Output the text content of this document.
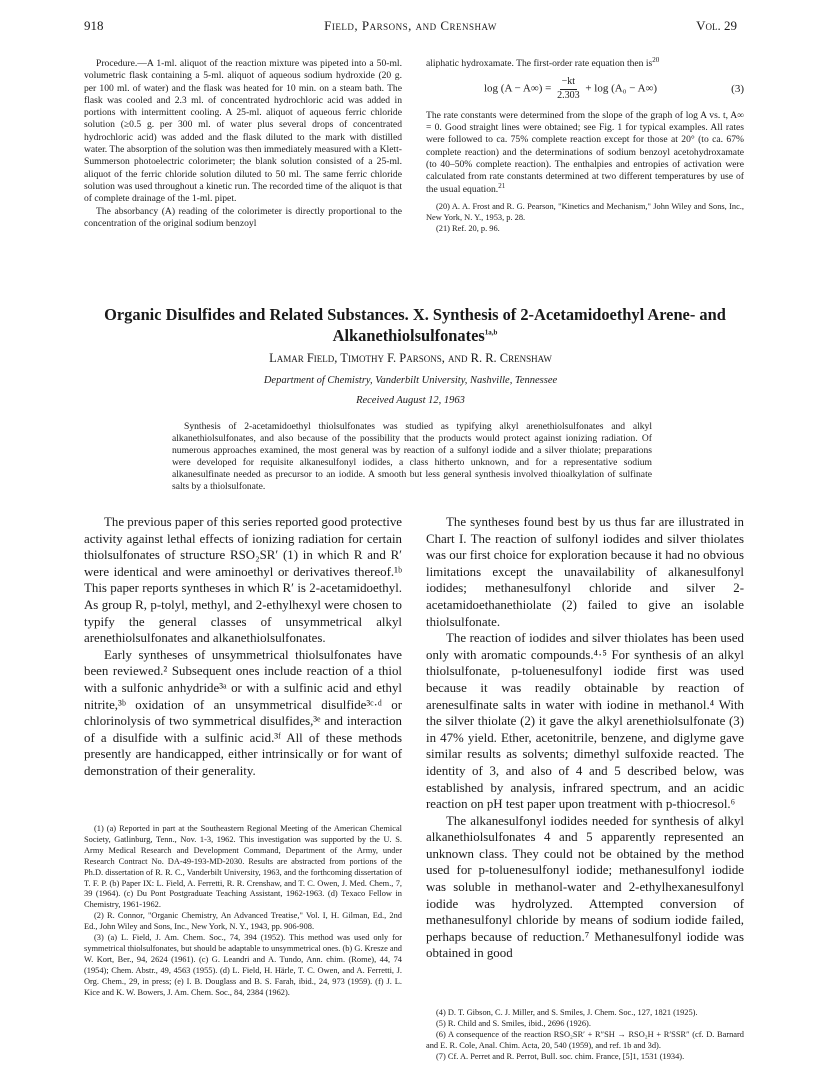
918	Field, Parsons, and Crenshaw	Vol. 29

Procedure.—A 1-ml. aliquot of the reaction mixture was pipeted into a 50-ml. volumetric flask containing a 5-ml. aliquot of aqueous sodium hydroxide (20 g. per 100 ml. of water) and the flask was heated for 10 min. on a steam bath. The flask was cooled and 2.3 ml. of concentrated hydrochloric acid was added in portions with intermittent cooling. A 25-ml. aliquot of aqueous ferric chloride solution (≥0.5 g. per 300 ml. of water plus several drops of concentrated hydrochloric acid) was added and the flask diluted to the mark with distilled water. The absorption of the solution was then immediately measured with a Klett-Summerson photoelectric colorimeter; the blank solution consisted of a 25-ml. aliquot of the ferric chloride solution diluted to 50 ml. The same ferric chloride solution was used throughout a kinetic run. The recorded time of the aliquot is that of complete drainage of the 1-ml. pipet.

The absorbancy (A) reading of the colorimeter is directly proportional to the concentration of the original sodium benzoyl

aliphatic hydroxamate. The first-order rate equation then $is^{20}$
$\log (A - A\infty) = \frac{-kt}{2.303} + \log (A_0 - A\infty)$	(3)

The rate constants were determined from the slope of the graph of log A vs. t, A∞ = 0. Good straight lines were obtained; see Fig. 1 for typical examples. All rates were followed to ca. 75% complete reaction except for those at 20° (to ca. 67% complete reaction) and the determinations of sodium benzoyl acetohydroxamate (to 40–50% complete reaction). The enthalpies and entropies of activation were calculated from rate constants determined at two different temperatures by use of the usual equation.$^{21}$

(20) A. A. Frost and R. G. Pearson, "Kinetics and Mechanism," John Wiley and Sons, Inc., New York, N. Y., 1953, p. 28.

(21) Ref. 20, p. 96.

Organic Disulfides and Related Substances. X. Synthesis of 2-Acetamidoethyl Arene- and Alkanethiolsulfonates$^{1a,b}$
Lamar Field, Timothy F. Parsons, and R. R. Crenshaw
Department of Chemistry, Vanderbilt University, Nashville, Tennessee
Received August 12, 1963
Synthesis of 2-acetamidoethyl thiolsulfonates was studied as typifying alkyl arenethiolsulfonates and alkyl alkanethiolsulfonates, and also because of the possibility that the products would protect against ionizing radiation. Of numerous approaches examined, the most general was by reaction of a sulfonyl iodide and a silver thiolate; preparations were developed for requisite alkanesulfonyl iodides, a class hitherto unknown, and for a representative sodium alkanesulfinate needed as precursor to an iodide. A smooth but less general synthesis involved thioalkylation of sulfinate salts by a thiolsulfonate.

The previous paper of this series reported good protective activity against lethal effects of ionizing radiation for certain thiolsulfonates of structure RSO₂SR′ (1) in which R and R′ were identical and were aminoethyl or derivatives thereof.¹ᵇ This paper reports syntheses in which R′ is 2-acetamidoethyl. As group R, p-tolyl, methyl, and 2-ethylhexyl were chosen to typify the general classes of unsymmetrical alkyl arenethiolsulfonates and alkanethiolsulfonates.

Early syntheses of unsymmetrical thiolsulfonates have been reviewed.² Subsequent ones include reaction of a thiol with a sulfonic anhydride³ᵃ or with a sulfinic acid and ethyl nitrite,³ᵇ oxidation of an unsymmetrical disulfide³ᶜ·ᵈ or chlorinolysis of two symmetrical disulfides,³ᵉ and interaction of a disulfide with a sulfinic acid.³ᶠ All of these methods presently are handicapped, either intrinsically or for want of demonstration of their generality.

(1) (a) Reported in part at the Southeastern Regional Meeting of the American Chemical Society, Gatlinburg, Tenn., Nov. 1-3, 1962. This investigation was supported by the U. S. Army Medical Research and Development Command, Department of the Army, under Research Contract No. DA-49-193-MD-2030. Results are abstracted from portions of the Ph.D. dissertation of R. R. C., Vanderbilt University, 1963, and the forthcoming dissertation of T. F. P. (b) Paper IX: L. Field, A. Ferretti, R. R. Crenshaw, and T. C. Owen, J. Med. Chem., 7, 39 (1964). (c) Du Pont Postgraduate Teaching Assistant, 1962-1963. (d) Texaco Fellow in Chemistry, 1961-1962.

(2) R. Connor, "Organic Chemistry, An Advanced Treatise," Vol. I, H. Gilman, Ed., 2nd Ed., John Wiley and Sons, Inc., New York, N. Y., 1943, pp. 906-908.

(3) (a) L. Field, J. Am. Chem. Soc., 74, 394 (1952). This method was used only for symmetrical thiolsulfonates, but should be adaptable to unsymmetrical ones. (b) G. Kresze and W. Kort, Ber., 94, 2624 (1961). (c) G. Leandri and A. Tundo, Ann. chim. (Rome), 44, 74 (1954); Chem. Abstr., 49, 4563 (1955). (d) L. Field, H. Härle, T. C. Owen, and A. Ferretti, J. Org. Chem., 29, in press; (e) I. B. Douglass and B. S. Farah, ibid., 24, 973 (1959). (f) J. L. Kice and K. W. Bowers, J. Am. Chem. Soc., 84, 2384 (1962).

The syntheses found best by us thus far are illustrated in Chart I. The reaction of sulfonyl iodides and silver thiolates was our first choice for exploration because it had no obvious limitations except the unavailability of alkanesulfonyl iodides; methanesulfonyl chloride and silver 2-acetamidoethanethiolate (2) failed to give an isolable thiolsulfonate.

The reaction of iodides and silver thiolates has been used only with aromatic compounds.⁴·⁵ For synthesis of an alkyl thiolsulfonate, p-toluenesulfonyl iodide first was used because it was readily obtainable by reaction of arenesulfinate salts in water with iodine in methanol.⁴ With the silver thiolate (2) it gave the alkyl arenethiolsulfonate (3) in 47% yield. Ether, acetonitrile, benzene, and diglyme gave similar results as solvents; dimethyl sulfoxide reacted. The identity of 3, and also of 4 and 5 described below, was established by analysis, infrared spectrum, and an acidic reaction on pH test paper upon treatment with p-thiocresol.⁶

The alkanesulfonyl iodides needed for synthesis of alkyl alkanethiolsulfonates 4 and 5 apparently represented an unknown class. They could not be obtained by the method used for p-toluenesulfonyl iodide; methanesulfonyl iodide was soluble in methanol-water and 2-ethylhexanesulfonyl iodide was hydrolyzed. Attempted conversion of methanesulfonyl chloride by means of sodium iodide failed, perhaps because of reduction.⁷ Methanesulfonyl iodide was obtained in good

(4) D. T. Gibson, C. J. Miller, and S. Smiles, J. Chem. Soc., 127, 1821 (1925).

(5) R. Child and S. Smiles, ibid., 2696 (1926).

(6) A consequence of the reaction RSO₂SR′ + R″SH → RSO₂H + R′SSR″ (cf. D. Barnard and E. R. Cole, Anal. Chim. Acta, 20, 540 (1959), and ref. 1b and 3d).

(7) Cf. A. Perret and R. Perrot, Bull. soc. chim. France, [5]1, 1531 (1934).
